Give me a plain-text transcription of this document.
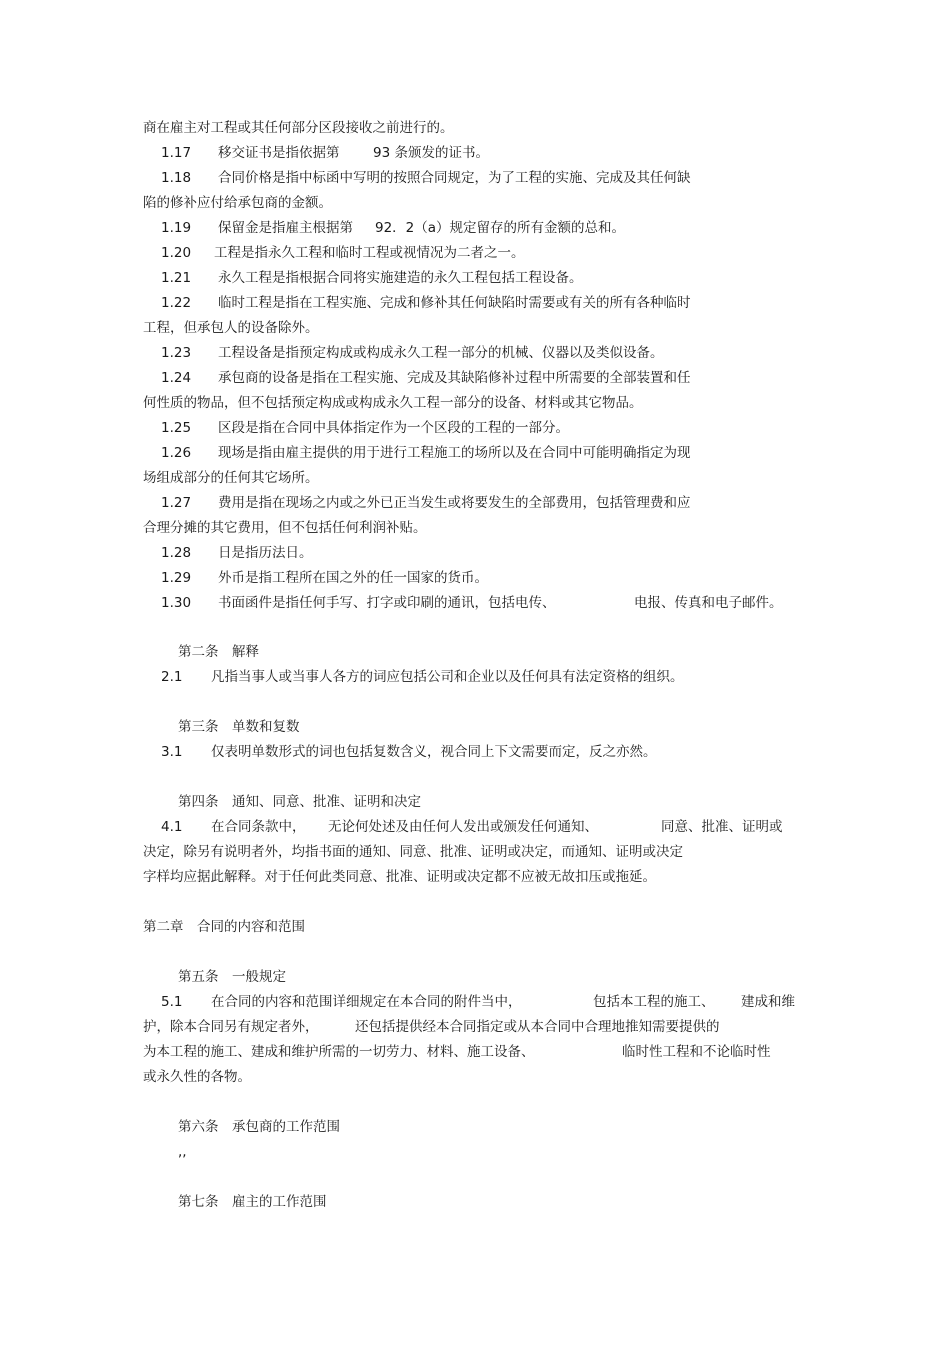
商在雇主对工程或其任何部分区段接收之前进行的。
1.17 移交证书是指依据第 93 条颁发的证书。
1.18 合同价格是指中标函中写明的按照合同规定，为了工程的实施、完成及其任何缺
陷的修补应付给承包商的金额。
1.19 保留金是指雇主根据第 92．2（a）规定留存的所有金额的总和。
1.20 工程是指永久工程和临时工程或视情况为二者之一。
1.21 永久工程是指根据合同将实施建造的永久工程包括工程设备。
1.22 临时工程是指在工程实施、完成和修补其任何缺陷时需要或有关的所有各种临时
工程，但承包人的设备除外。
1.23 工程设备是指预定构成或构成永久工程一部分的机械、仪器以及类似设备。
1.24 承包商的设备是指在工程实施、完成及其缺陷修补过程中所需要的全部装置和任
何性质的物品，但不包括预定构成或构成永久工程一部分的设备、材料或其它物品。
1.25 区段是指在合同中具体指定作为一个区段的工程的一部分。
1.26 现场是指由雇主提供的用于进行工程施工的场所以及在合同中可能明确指定为现
场组成部分的任何其它场所。
1.27 费用是指在现场之内或之外已正当发生或将要发生的全部费用，包括管理费和应
合理分摊的其它费用，但不包括任何利润补贴。
1.28 日是指历法日。
1.29 外币是指工程所在国之外的任一国家的货币。
1.30 书面函件是指任何手写、打字或印刷的通讯，包括电传、	电报、传真和电子邮件。
第二条　解释
2.1 凡指当事人或当事人各方的词应包括公司和企业以及任何具有法定资格的组织。
第三条　单数和复数
3.1 仅表明单数形式的词也包括复数含义，视合同上下文需要而定，反之亦然。
第四条　通知、同意、批准、证明和决定
4.1 在合同条款中， 无论何处述及由任何人发出或颁发任何通知、	同意、批准、证明或
决定，除另有说明者外，均指书面的通知、同意、批准、证明或决定，而通知、证明或决定
字样均应据此解释。对于任何此类同意、批准、证明或决定都不应被无故扣压或拖延。
第二章　合同的内容和范围
第五条　一般规定
5.1 在合同的内容和范围详细规定在本合同的附件当中，	包括本工程的施工、 建成和维
护，除本合同另有规定者外，	还包括提供经本合同指定或从本合同中合理地推知需要提供的
为本工程的施工、建成和维护所需的一切劳力、材料、施工设备、	临时性工程和不论临时性
或永久性的各物。
第六条　承包商的工作范围
,,
第七条　雇主的工作范围
